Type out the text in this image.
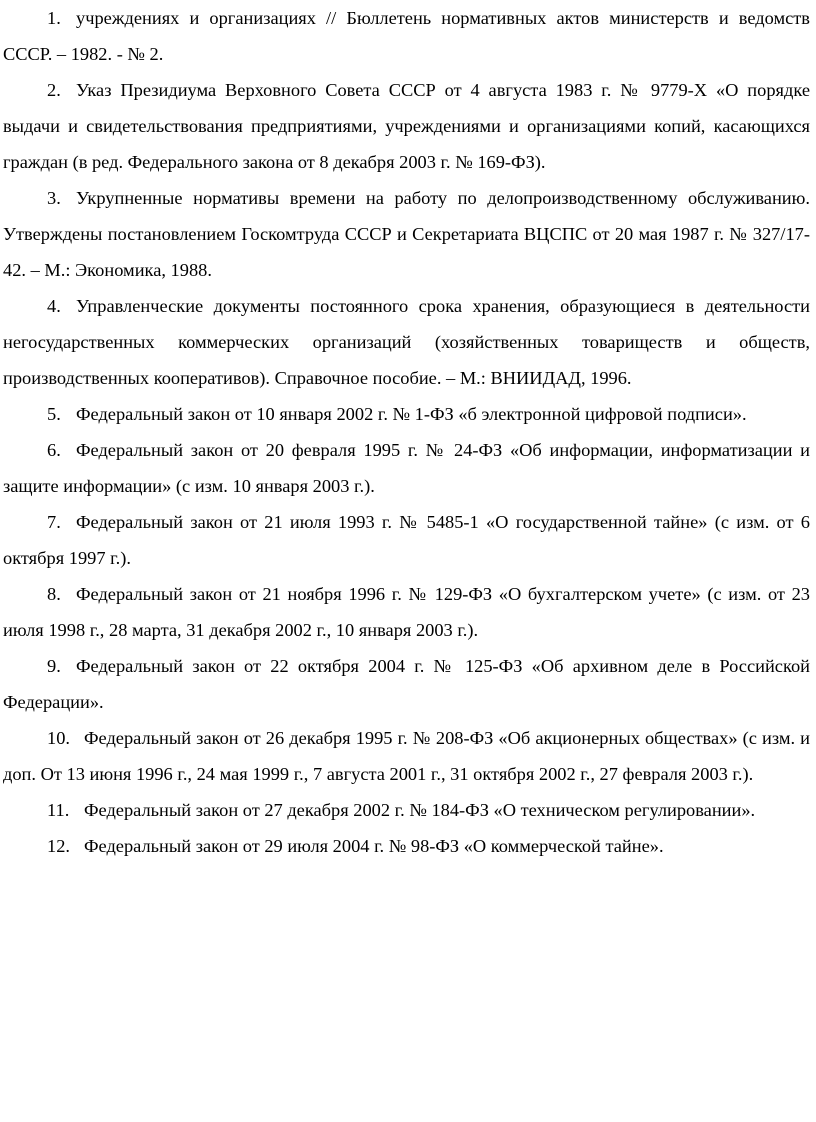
1. учреждениях и организациях // Бюллетень нормативных актов министерств и ведомств СССР. – 1982. - № 2.

2. Указ Президиума Верховного Совета СССР от 4 августа 1983 г. № 9779-Х «О порядке выдачи и свидетельствования предприятиями, учреждениями и организациями копий, касающихся граждан (в ред. Федерального закона от 8 декабря 2003 г. № 169-ФЗ).

3. Укрупненные нормативы времени на работу по делопроизводственному обслуживанию. Утверждены постановлением Госкомтруда СССР и Секретариата ВЦСПС от 20 мая 1987 г. № 327/17-42. – М.: Экономика, 1988.

4. Управленческие документы постоянного срока хранения, образующиеся в деятельности негосударственных коммерческих организаций (хозяйственных товариществ и обществ, производственных кооперативов). Справочное пособие. – М.: ВНИИДАД, 1996.

5. Федеральный закон от 10 января 2002 г. № 1-ФЗ «б электронной цифровой подписи».

6. Федеральный закон от 20 февраля 1995 г. № 24-ФЗ «Об информации, информатизации и защите информации» (с изм. 10 января 2003 г.).

7. Федеральный закон от 21 июля 1993 г. № 5485-1 «О государственной тайне» (с изм. от 6 октября 1997 г.).

8. Федеральный закон от 21 ноября 1996 г. № 129-ФЗ «О бухгалтерском учете» (с изм. от 23 июля 1998 г., 28 марта, 31 декабря 2002 г., 10 января 2003 г.).

9. Федеральный закон от 22 октября 2004 г. № 125-ФЗ «Об архивном деле в Российской Федерации».

10. Федеральный закон от 26 декабря 1995 г. № 208-ФЗ «Об акционерных обществах» (с изм. и доп. От 13 июня 1996 г., 24 мая 1999 г., 7 августа 2001 г., 31 октября 2002 г., 27 февраля 2003 г.).

11. Федеральный закон от 27 декабря 2002 г. № 184-ФЗ «О техническом регулировании».

12. Федеральный закон от 29 июля 2004 г. № 98-ФЗ «О коммерческой тайне».
